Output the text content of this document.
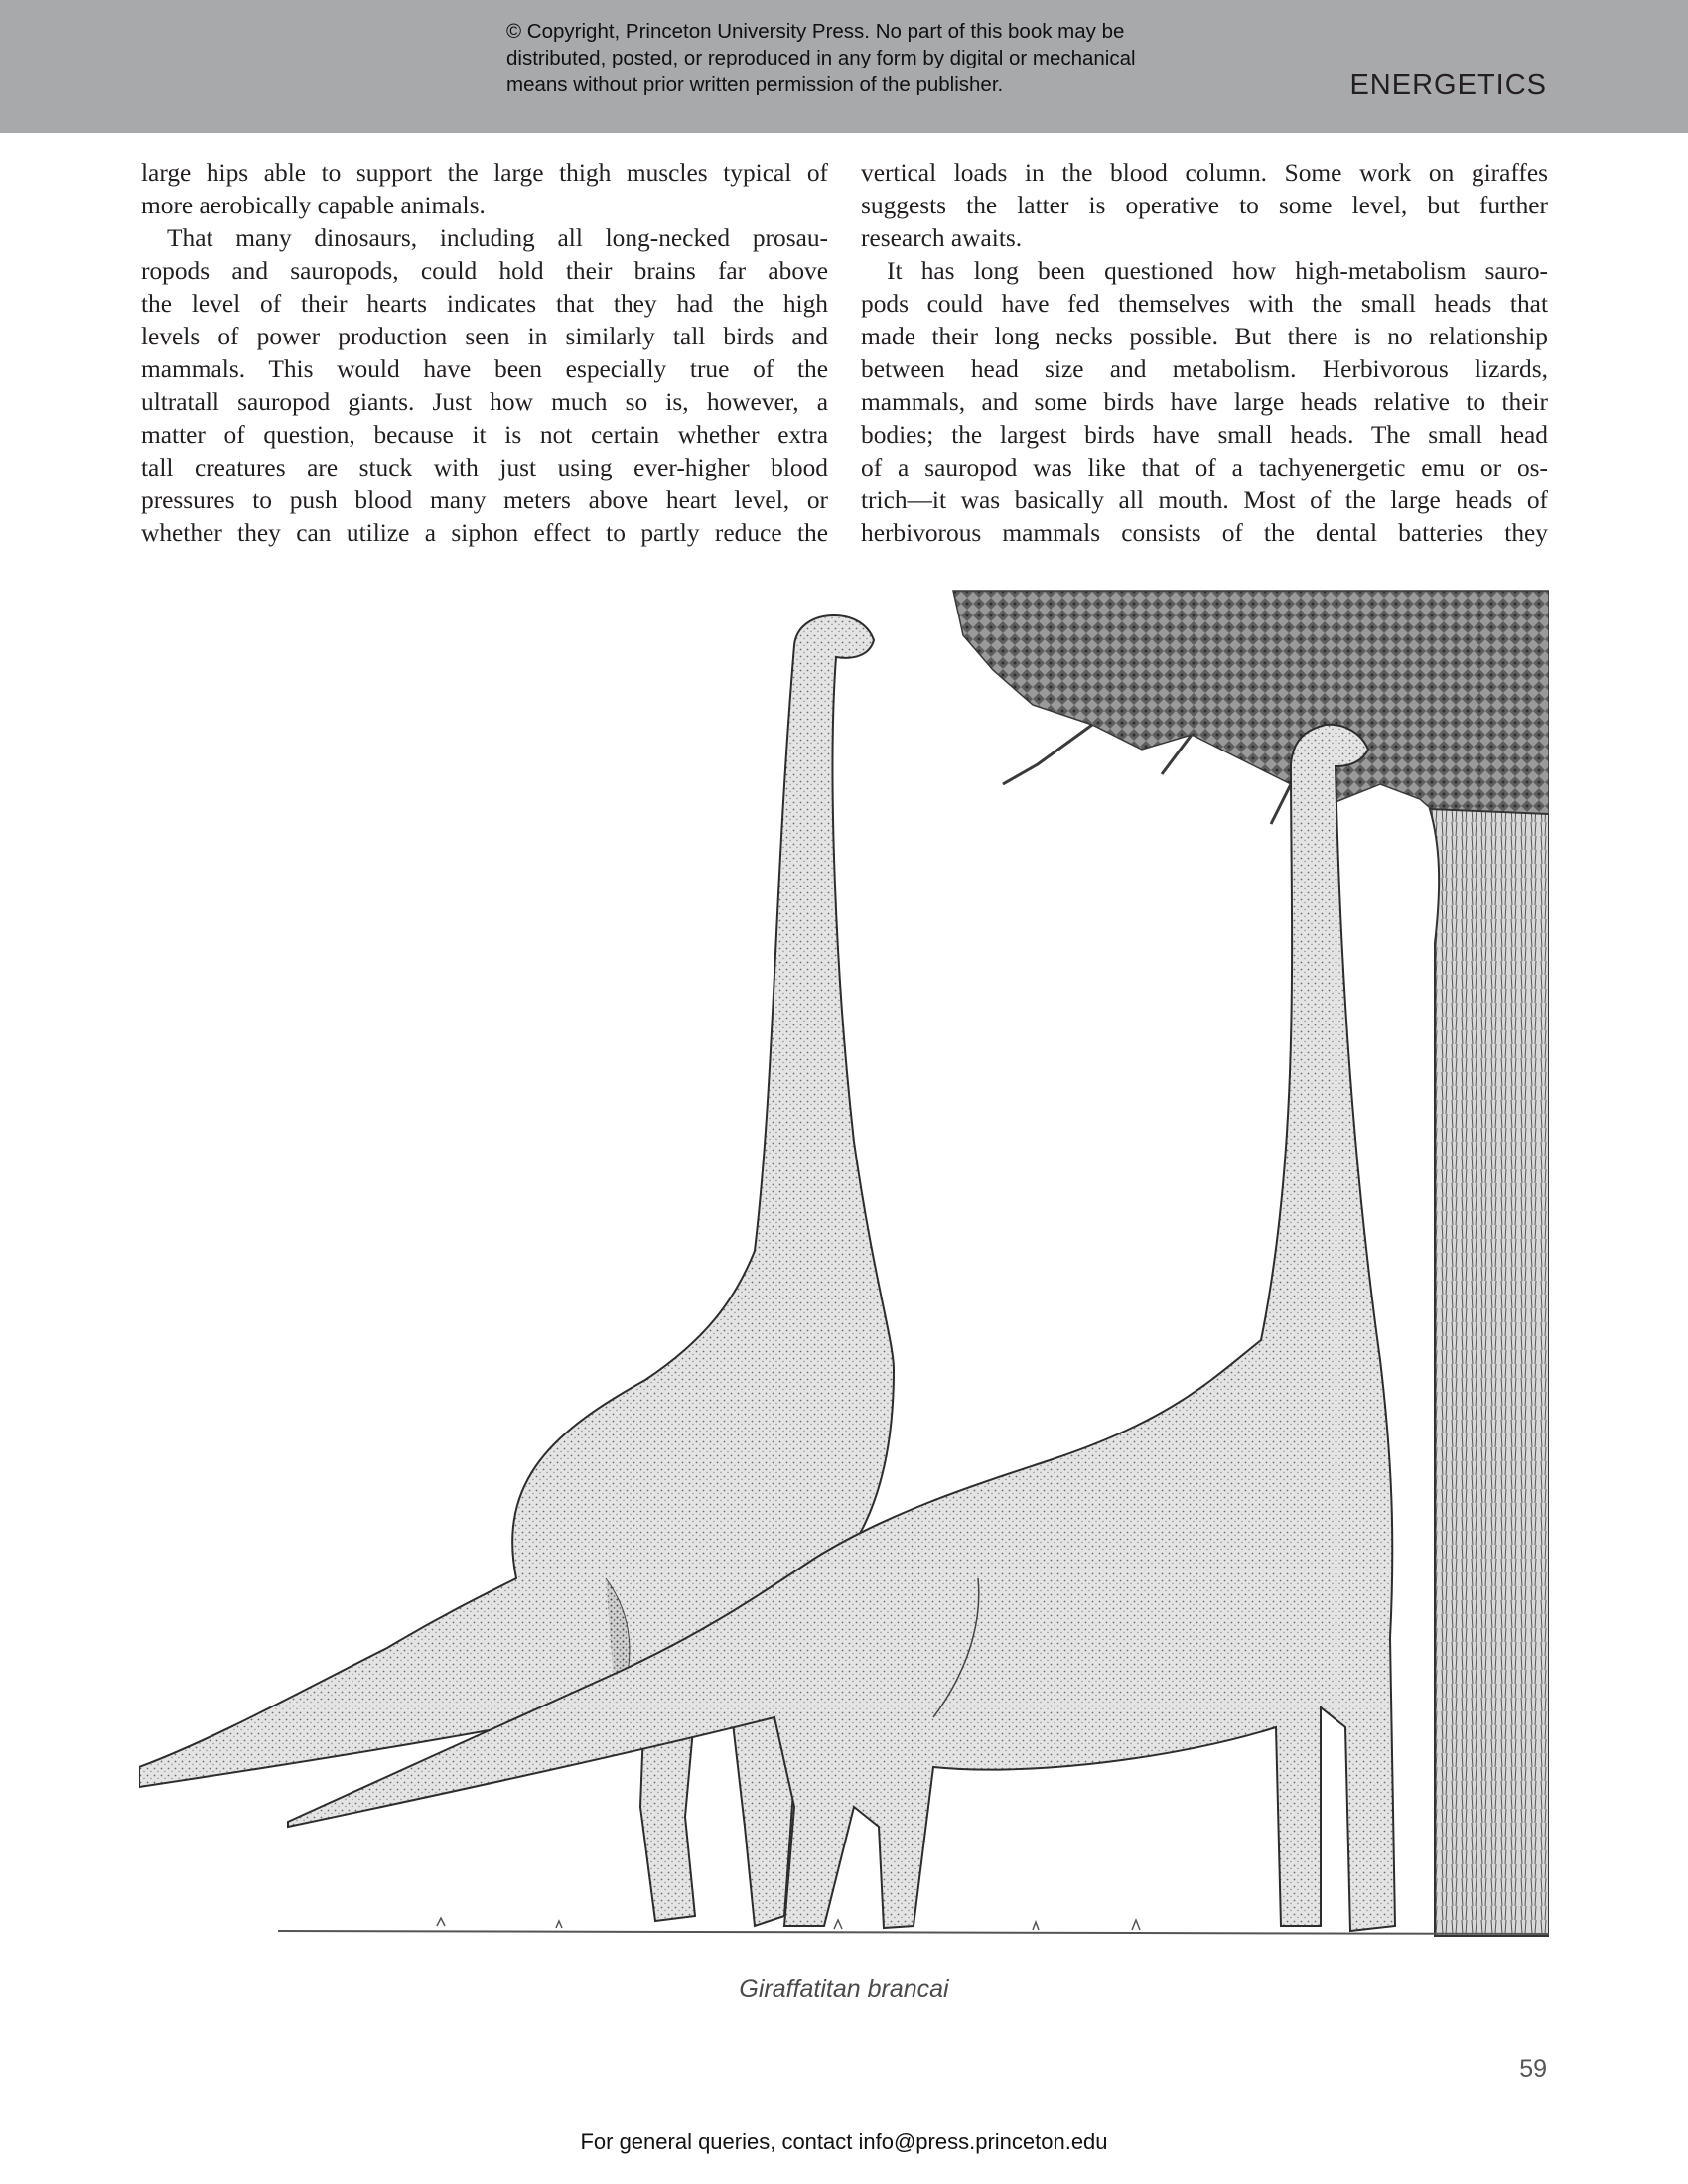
© Copyright, Princeton University Press. No part of this book may be
distributed, posted, or reproduced in any form by digital or mechanical
means without prior written permission of the publisher.	ENERGETICS
large hips able to support the large thigh muscles typical of
more aerobically capable animals.
That many dinosaurs, including all long-necked prosau-
ropods and sauropods, could hold their brains far above
the level of their hearts indicates that they had the high
levels of power production seen in similarly tall birds and
mammals. This would have been especially true of the
ultratall sauropod giants. Just how much so is, however, a
matter of question, because it is not certain whether extra
tall creatures are stuck with just using ever-higher blood
pressures to push blood many meters above heart level, or
whether they can utilize a siphon effect to partly reduce the
vertical loads in the blood column. Some work on giraffes
suggests the latter is operative to some level, but further
research awaits.
It has long been questioned how high-metabolism sauro-
pods could have fed themselves with the small heads that
made their long necks possible. But there is no relationship
between head size and metabolism. Herbivorous lizards,
mammals, and some birds have large heads relative to their
bodies; the largest birds have small heads. The small head
of a sauropod was like that of a tachyenergetic emu or os-
trich—it was basically all mouth. Most of the large heads of
herbivorous mammals consists of the dental batteries they
Giraffatitan brancai
59
For general queries, contact info@press.princeton.edu
